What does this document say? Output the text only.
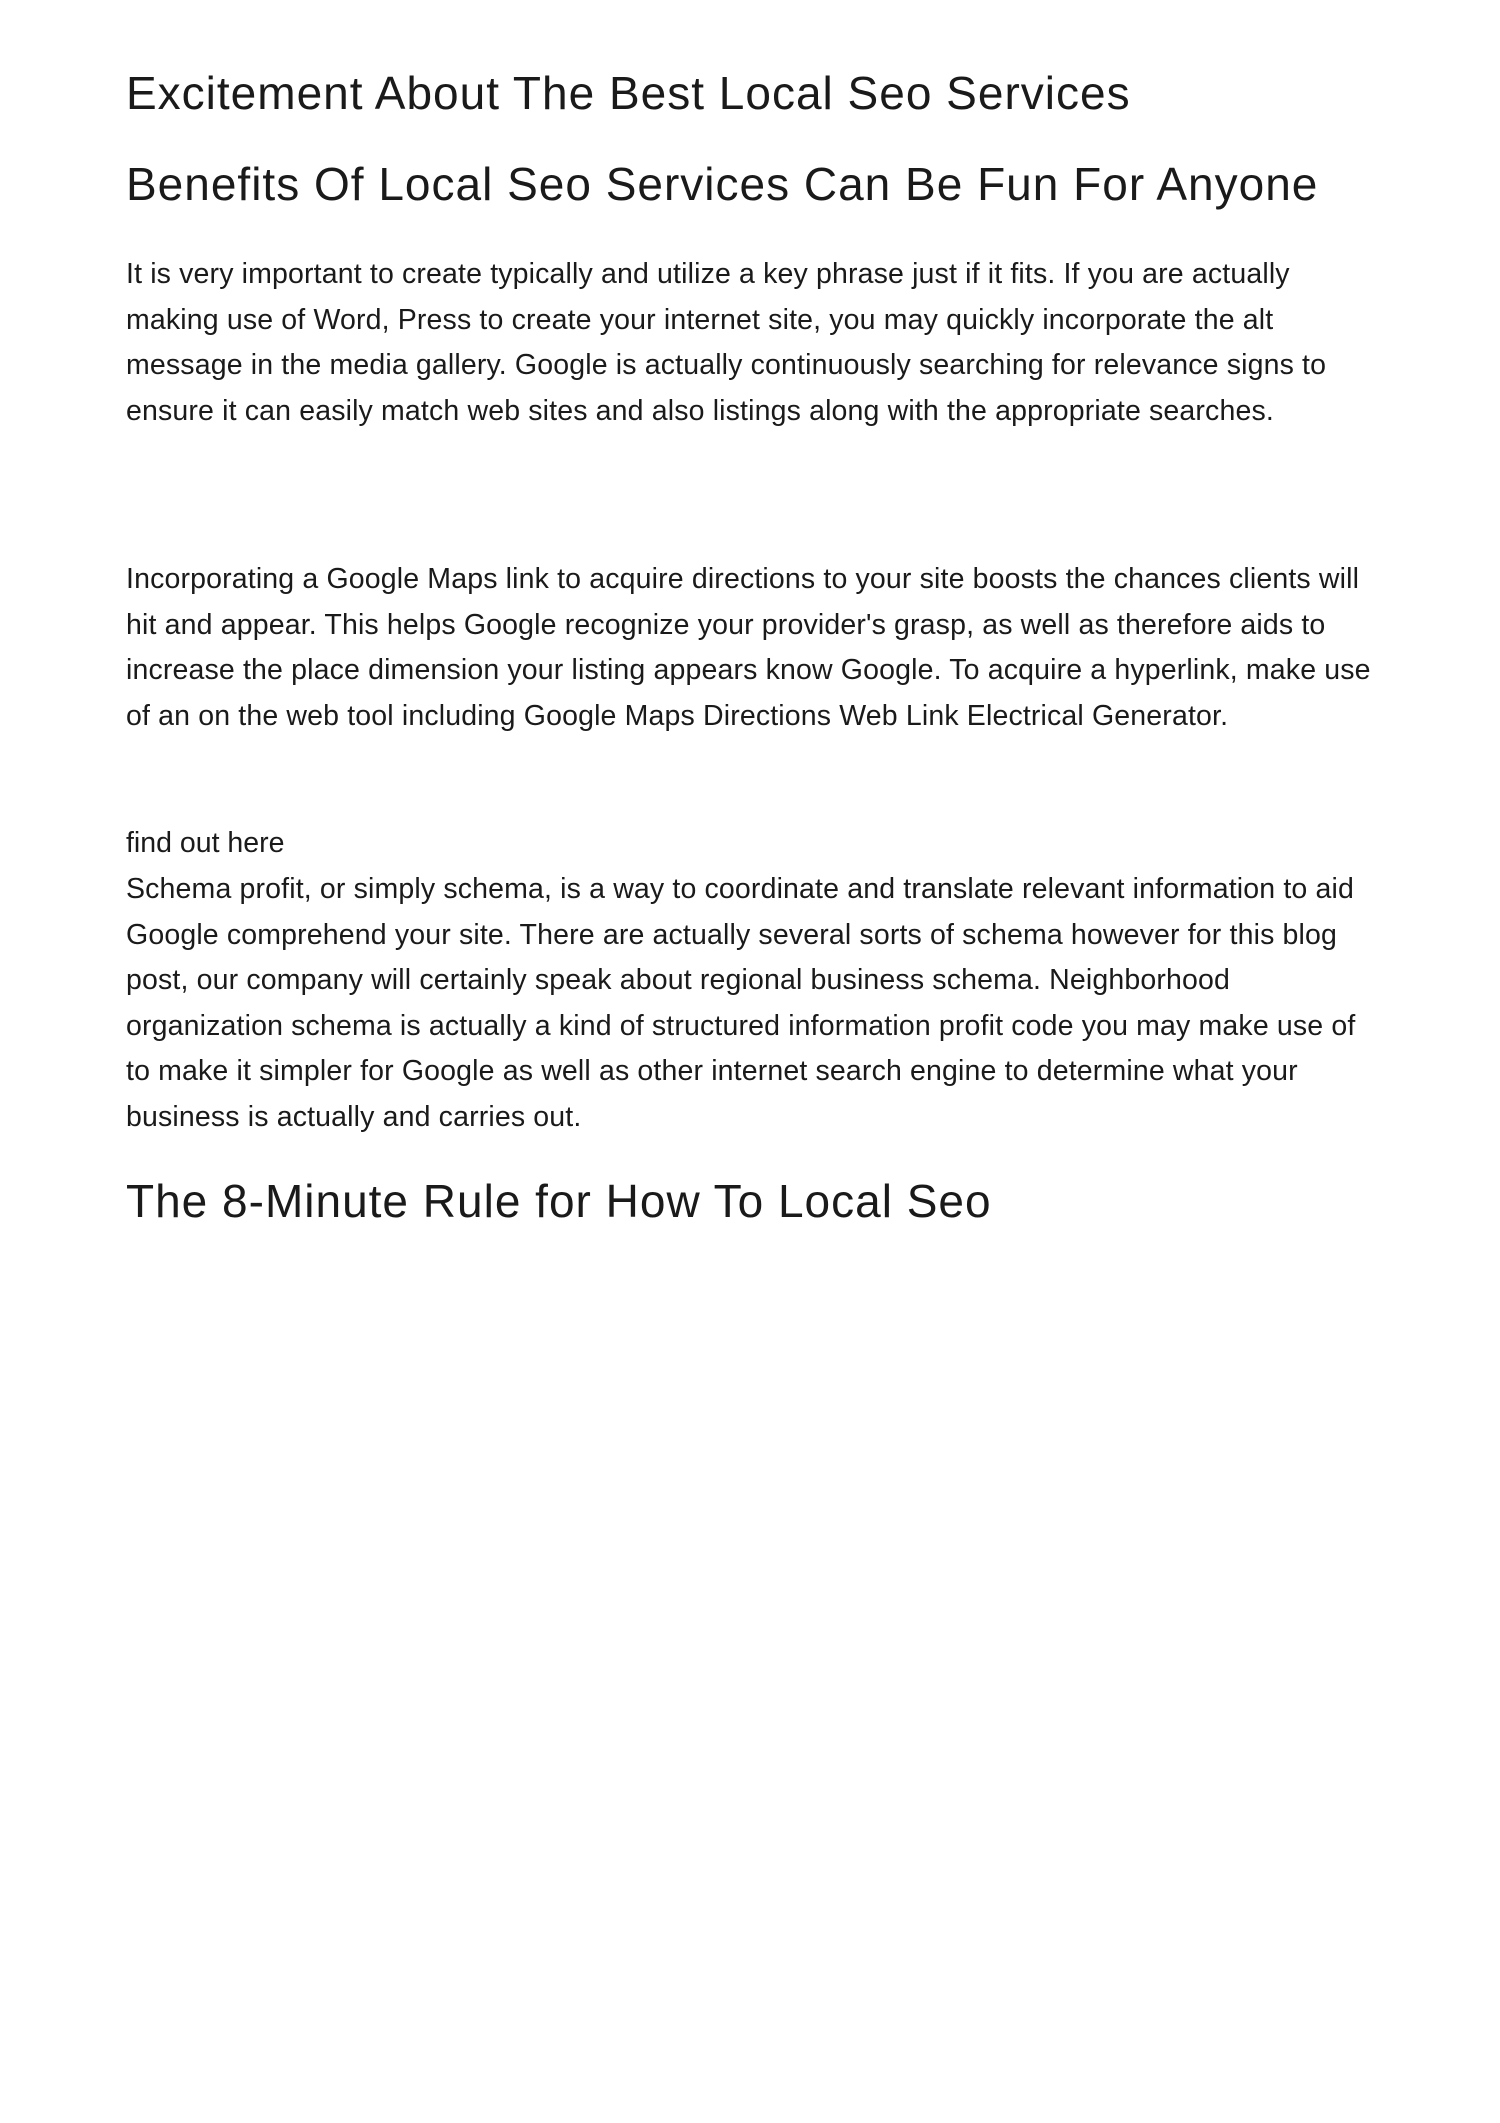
Excitement About The Best Local Seo Services
Benefits Of Local Seo Services Can Be Fun For Anyone

It is very important to create typically and utilize a key phrase just if it fits. If you are actually making use of Word, Press to create your internet site, you may quickly incorporate the alt message in the media gallery. Google is actually continuously searching for relevance signs to ensure it can easily match web sites and also listings along with the appropriate searches.

Incorporating a Google Maps link to acquire directions to your site boosts the chances clients will hit and appear. This helps Google recognize your provider's grasp, as well as therefore aids to increase the place dimension your listing appears know Google. To acquire a hyperlink, make use of an on the web tool including Google Maps Directions Web Link Electrical Generator.

find out here

Schema profit, or simply schema, is a way to coordinate and translate relevant information to aid Google comprehend your site. There are actually several sorts of schema however for this blog post, our company will certainly speak about regional business schema. Neighborhood organization schema is actually a kind of structured information profit code you may make use of to make it simpler for Google as well as other internet search engine to determine what your business is actually and carries out.

The 8-Minute Rule for How To Local Seo
